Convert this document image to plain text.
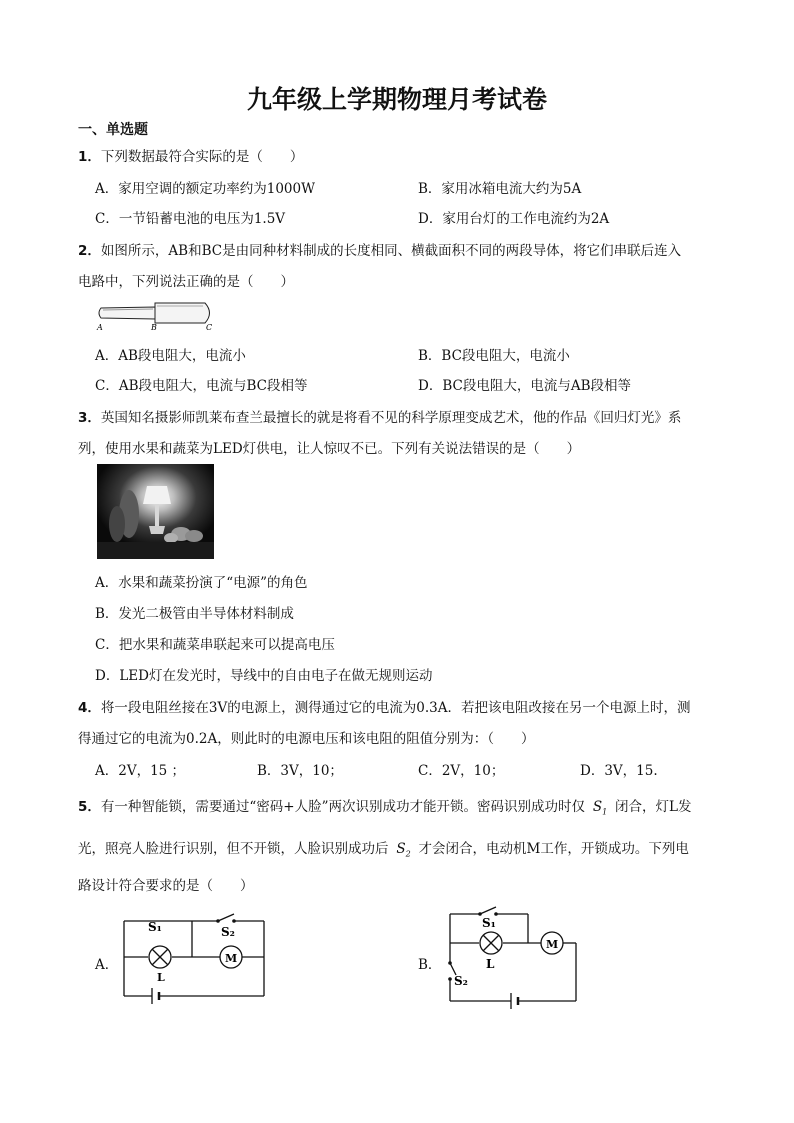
九年级上学期物理月考试卷
一、单选题
1．下列数据最符合实际的是（　　）
A．家用空调的额定功率约为1000W	B．家用冰箱电流大约为5A
C．一节铅蓄电池的电压为1.5V	D．家用台灯的工作电流约为2A
2．如图所示，AB和BC是由同种材料制成的长度相同、横截面积不同的两段导体，将它们串联后连入
电路中，下列说法正确的是（　　）
A	B	C
A．AB段电阻大，电流小	B．BC段电阻大，电流小
C．AB段电阻大，电流与BC段相等	D．BC段电阻大，电流与AB段相等
3．英国知名摄影师凯莱布查兰最擅长的就是将看不见的科学原理变成艺术，他的作品《回归灯光》系
列，使用水果和蔬菜为LED灯供电，让人惊叹不已。下列有关说法错误的是（　　）
A．水果和蔬菜扮演了“电源”的角色
B．发光二极管由半导体材料制成
C．把水果和蔬菜串联起来可以提高电压
D．LED灯在发光时，导线中的自由电子在做无规则运动
4．将一段电阻丝接在3V的电源上，测得通过它的电流为0.3A．若把该电阻改接在另一个电源上时，测
得通过它的电流为0.2A，则此时的电源电压和该电阻的阻值分别为：（　　）
A．2V，15 ；	B．3V，10；	C．2V，10；	D．3V，15.
5．有一种智能锁，需要通过“密码+人脸”两次识别成功才能开锁。密码识别成功时仅 $S_1$ 闭合，灯L发
光，照亮人脸进行识别，但不开锁，人脸识别成功后 $S_2$ 才会闭合，电动机M工作，开锁成功。下列电
路设计符合要求的是（　　）
A．	B．
S₁	S₂
M
L
S₁
M
L
S₂
